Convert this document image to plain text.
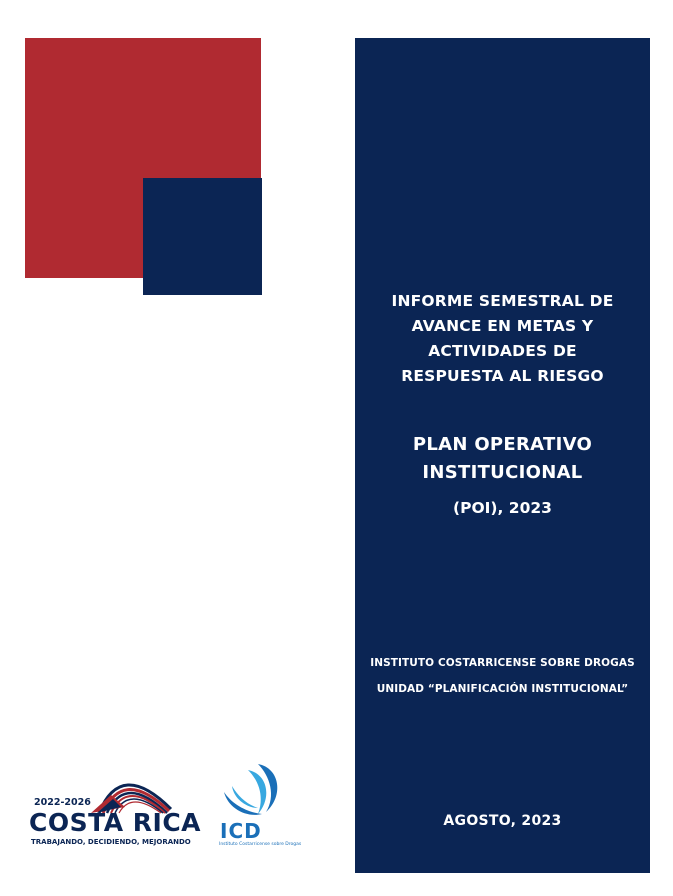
INFORME SEMESTRAL DE
AVANCE EN METAS Y
ACTIVIDADES DE
RESPUESTA AL RIESGO
PLAN OPERATIVO
INSTITUCIONAL
(POI), 2023
INSTITUTO COSTARRICENSE SOBRE DROGAS
UNIDAD “PLANIFICACIÓN INSTITUCIONAL”
AGOSTO, 2023
2022-2026
COSTA RICA
TRABAJANDO, DECIDIENDO, MEJORANDO ICD
Instituto Costarricense sobre Drogas
